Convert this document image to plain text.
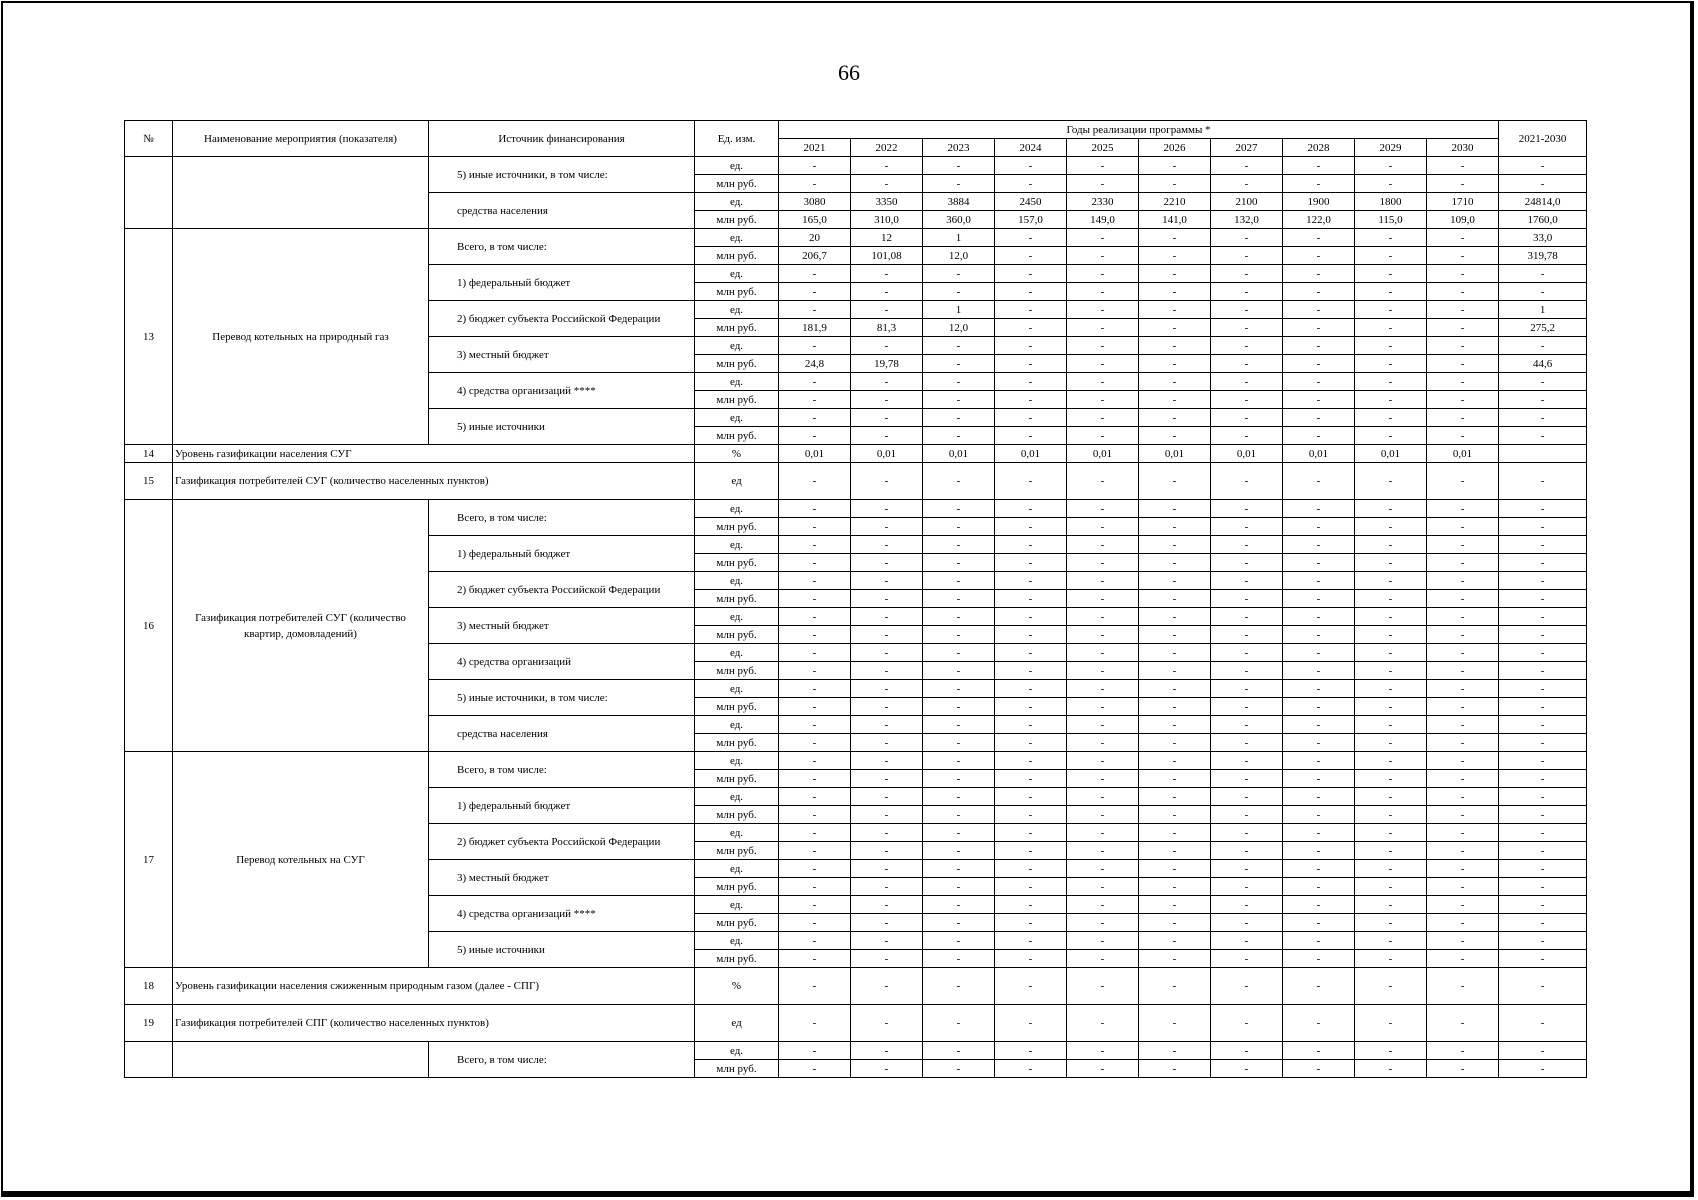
66
№	Наименование мероприятия (показателя)	Источник финансирования	Ед. изм.	Годы реализации программы *										2021-2030
				2021	2022	2023	2024	2025	2026	2027	2028	2029	2030	
		5) иные источники, в том числе:	ед.	-	-	-	-	-	-	-	-	-	-	-
			млн руб.	-	-	-	-	-	-	-	-	-	-	-
		средства населения	ед.	3080	3350	3884	2450	2330	2210	2100	1900	1800	1710	24814,0
			млн руб.	165,0	310,0	360,0	157,0	149,0	141,0	132,0	122,0	115,0	109,0	1760,0
13	Перевод котельных на природный газ	Всего, в том числе:	ед.	20	12	1	-	-	-	-	-	-	-	33,0
			млн руб.	206,7	101,08	12,0	-	-	-	-	-	-	-	319,78
		1) федеральный бюджет	ед.	-	-	-	-	-	-	-	-	-	-	-
			млн руб.	-	-	-	-	-	-	-	-	-	-	-
		2) бюджет субъекта Российской Федерации	ед.	-	-	1	-	-	-	-	-	-	-	1
			млн руб.	181,9	81,3	12,0	-	-	-	-	-	-	-	275,2
		3) местный бюджет	ед.	-	-	-	-	-	-	-	-	-	-	-
			млн руб.	24,8	19,78	-	-	-	-	-	-	-	-	44,6
		4) средства организаций ****	ед.	-	-	-	-	-	-	-	-	-	-	-
			млн руб.	-	-	-	-	-	-	-	-	-	-	-
		5) иные источники	ед.	-	-	-	-	-	-	-	-	-	-	-
			млн руб.	-	-	-	-	-	-	-	-	-	-	-
14	Уровень газификации населения СУГ		%	0,01	0,01	0,01	0,01	0,01	0,01	0,01	0,01	0,01	0,01	
15	Газификация потребителей СУГ (количество населенных пунктов)		ед	-	-	-	-	-	-	-	-	-	-	-
16	Газификация потребителей СУГ (количество квартир, домовладений)	Всего, в том числе:	ед.	-	-	-	-	-	-	-	-	-	-	-
			млн руб.	-	-	-	-	-	-	-	-	-	-	-
		1) федеральный бюджет	ед.	-	-	-	-	-	-	-	-	-	-	-
			млн руб.	-	-	-	-	-	-	-	-	-	-	-
		2) бюджет субъекта Российской Федерации	ед.	-	-	-	-	-	-	-	-	-	-	-
			млн руб.	-	-	-	-	-	-	-	-	-	-	-
		3) местный бюджет	ед.	-	-	-	-	-	-	-	-	-	-	-
			млн руб.	-	-	-	-	-	-	-	-	-	-	-
		4) средства организаций	ед.	-	-	-	-	-	-	-	-	-	-	-
			млн руб.	-	-	-	-	-	-	-	-	-	-	-
		5) иные источники, в том числе:	ед.	-	-	-	-	-	-	-	-	-	-	-
			млн руб.	-	-	-	-	-	-	-	-	-	-	-
		средства населения	ед.	-	-	-	-	-	-	-	-	-	-	-
			млн руб.	-	-	-	-	-	-	-	-	-	-	-
17	Перевод котельных на СУГ	Всего, в том числе:	ед.	-	-	-	-	-	-	-	-	-	-	-
			млн руб.	-	-	-	-	-	-	-	-	-	-	-
		1) федеральный бюджет	ед.	-	-	-	-	-	-	-	-	-	-	-
			млн руб.	-	-	-	-	-	-	-	-	-	-	-
		2) бюджет субъекта Российской Федерации	ед.	-	-	-	-	-	-	-	-	-	-	-
			млн руб.	-	-	-	-	-	-	-	-	-	-	-
		3) местный бюджет	ед.	-	-	-	-	-	-	-	-	-	-	-
			млн руб.	-	-	-	-	-	-	-	-	-	-	-
		4) средства организаций ****	ед.	-	-	-	-	-	-	-	-	-	-	-
			млн руб.	-	-	-	-	-	-	-	-	-	-	-
		5) иные источники	ед.	-	-	-	-	-	-	-	-	-	-	-
			млн руб.	-	-	-	-	-	-	-	-	-	-	-
18	Уровень газификации населения сжиженным природным газом (далее - СПГ)		%	-	-	-	-	-	-	-	-	-	-	-
19	Газификация потребителей СПГ (количество населенных пунктов)		ед	-	-	-	-	-	-	-	-	-	-	-
		Всего, в том числе:	ед.	-	-	-	-	-	-	-	-	-	-	-
			млн руб.	-	-	-	-	-	-	-	-	-	-	-
